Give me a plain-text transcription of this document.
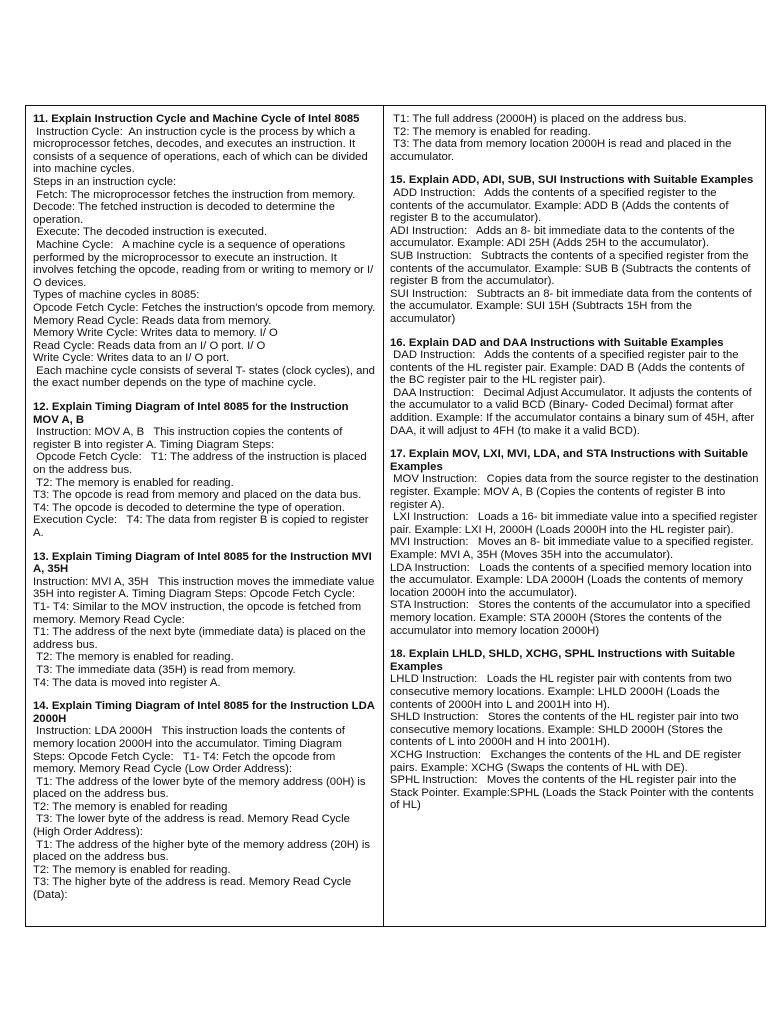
11. Explain Instruction Cycle and Machine Cycle of Intel 8085

Instruction Cycle:  An instruction cycle is the process by which a microprocessor fetches, decodes, and executes an instruction. It consists of a sequence of operations, each of which can be divided into machine cycles.

Steps in an instruction cycle:

Fetch: The microprocessor fetches the instruction from memory.

Decode: The fetched instruction is decoded to determine the operation.

Execute: The decoded instruction is executed.

Machine Cycle:   A machine cycle is a sequence of operations performed by the microprocessor to execute an instruction. It involves fetching the opcode, reading from or writing to memory or I/ O devices.

Types of machine cycles in 8085:

Opcode Fetch Cycle: Fetches the instruction's opcode from memory.

Memory Read Cycle: Reads data from memory.

Memory Write Cycle: Writes data to memory. I/ O

Read Cycle: Reads data from an I/ O port. I/ O

Write Cycle: Writes data to an I/ O port.

Each machine cycle consists of several T- states (clock cycles), and the exact number depends on the type of machine cycle.

12. Explain Timing Diagram of Intel 8085 for the Instruction MOV A, B

Instruction: MOV A, B   This instruction copies the contents of register B into register A. Timing Diagram Steps:

Opcode Fetch Cycle:   T1: The address of the instruction is placed on the address bus.

T2: The memory is enabled for reading.

T3: The opcode is read from memory and placed on the data bus.

T4: The opcode is decoded to determine the type of operation.

Execution Cycle:   T4: The data from register B is copied to register A.

13. Explain Timing Diagram of Intel 8085 for the Instruction MVI A, 35H

Instruction: MVI A, 35H   This instruction moves the immediate value 35H into register A. Timing Diagram Steps: Opcode Fetch Cycle:   T1- T4: Similar to the MOV instruction, the opcode is fetched from memory. Memory Read Cycle:

T1: The address of the next byte (immediate data) is placed on the address bus.

T2: The memory is enabled for reading.

T3: The immediate data (35H) is read from memory.

T4: The data is moved into register A.

14. Explain Timing Diagram of Intel 8085 for the Instruction LDA 2000H

Instruction: LDA 2000H   This instruction loads the contents of memory location 2000H into the accumulator. Timing Diagram Steps: Opcode Fetch Cycle:   T1- T4: Fetch the opcode from memory. Memory Read Cycle (Low Order Address):

T1: The address of the lower byte of the memory address (00H) is placed on the address bus.

T2: The memory is enabled for reading

T3: The lower byte of the address is read. Memory Read Cycle (High Order Address):

T1: The address of the higher byte of the memory address (20H) is placed on the address bus.

T2: The memory is enabled for reading.

T3: The higher byte of the address is read. Memory Read Cycle (Data):

T1: The full address (2000H) is placed on the address bus.

T2: The memory is enabled for reading.

T3: The data from memory location 2000H is read and placed in the accumulator.

15. Explain ADD, ADI, SUB, SUI Instructions with Suitable Examples

ADD Instruction:   Adds the contents of a specified register to the contents of the accumulator. Example: ADD B (Adds the contents of register B to the accumulator).

ADI Instruction:   Adds an 8- bit immediate data to the contents of the accumulator. Example: ADI 25H (Adds 25H to the accumulator).

SUB Instruction:   Subtracts the contents of a specified register from the contents of the accumulator. Example: SUB B (Subtracts the contents of register B from the accumulator).

SUI Instruction:   Subtracts an 8- bit immediate data from the contents of the accumulator. Example: SUI 15H (Subtracts 15H from the accumulator)

16. Explain DAD and DAA Instructions with Suitable Examples

DAD Instruction:   Adds the contents of a specified register pair to the contents of the HL register pair. Example: DAD B (Adds the contents of the BC register pair to the HL register pair).

DAA Instruction:   Decimal Adjust Accumulator. It adjusts the contents of the accumulator to a valid BCD (Binary- Coded Decimal) format after addition. Example: If the accumulator contains a binary sum of 45H, after DAA, it will adjust to 4FH (to make it a valid BCD).

17. Explain MOV, LXI, MVI, LDA, and STA Instructions with Suitable Examples

MOV Instruction:   Copies data from the source register to the destination register. Example: MOV A, B (Copies the contents of register B into register A).

LXI Instruction:   Loads a 16- bit immediate value into a specified register pair. Example: LXI H, 2000H (Loads 2000H into the HL register pair).

MVI Instruction:   Moves an 8- bit immediate value to a specified register. Example: MVI A, 35H (Moves 35H into the accumulator).

LDA Instruction:   Loads the contents of a specified memory location into the accumulator. Example: LDA 2000H (Loads the contents of memory location 2000H into the accumulator).

STA Instruction:   Stores the contents of the accumulator into a specified memory location. Example: STA 2000H (Stores the contents of the accumulator into memory location 2000H)

18. Explain LHLD, SHLD, XCHG, SPHL Instructions with Suitable Examples

LHLD Instruction:   Loads the HL register pair with contents from two consecutive memory locations. Example: LHLD 2000H (Loads the contents of 2000H into L and 2001H into H).

SHLD Instruction:   Stores the contents of the HL register pair into two consecutive memory locations. Example: SHLD 2000H (Stores the contents of L into 2000H and H into 2001H).

XCHG Instruction:   Exchanges the contents of the HL and DE register pairs. Example: XCHG (Swaps the contents of HL with DE).

SPHL Instruction:   Moves the contents of the HL register pair into the Stack Pointer. Example:SPHL (Loads the Stack Pointer with the contents of HL)
